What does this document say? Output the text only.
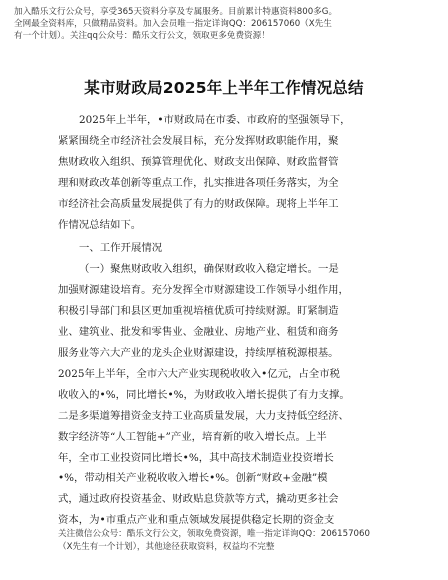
加入酷乐文行公众号，享受365天资料分享及专属服务。目前累计特惠资料800多G。
全网最全资料库，只做精品资料。加入会员唯一指定详询QQ：206157060（X先生
有一个计划）。关注qq公众号：酷乐文行公文，领取更多免费资源！
某市财政局2025年上半年工作情况总结

2025年上半年，•市财政局在市委、市政府的坚强领导下，

紧紧围绕全市经济社会发展目标，充分发挥财政职能作用，聚

焦财政收入组织、预算管理优化、财政支出保障、财政监督管

理和财政改革创新等重点工作，扎实推进各项任务落实，为全

市经济社会高质量发展提供了有力的财政保障。现将上半年工

作情况总结如下。

一、工作开展情况

（一）聚焦财政收入组织，确保财政收入稳定增长。一是

加强财源建设培育。充分发挥全市财源建设工作领导小组作用，

积极引导部门和县区更加重视培植优质可持续财源。盯紧制造

业、建筑业、批发和零售业、金融业、房地产业、租赁和商务

服务业等六大产业的龙头企业财源建设，持续厚植税源根基。

2025年上半年，全市六大产业实现税收收入•亿元，占全市税

收收入的•%，同比增长•%，为财政收入增长提供了有力支撑。

二是多渠道筹措资金支持工业高质量发展，大力支持低空经济、

数字经济等“人工智能+”产业，培育新的收入增长点。上半

年，全市工业投资同比增长•%，其中高技术制造业投资增长

•%，带动相关产业税收收入增长•%。创新“财政+金融”模

式，通过政府投资基金、财政贴息贷款等方式，撬动更多社会

资本，为•市重点产业和重点领域发展提供稳定长期的资金支

关注微信公众号：酷乐文行公文，领取免费资源，唯一指定详询QQ：206157060
（X先生有一个计划），其他途径获取资料，权益均不完整
